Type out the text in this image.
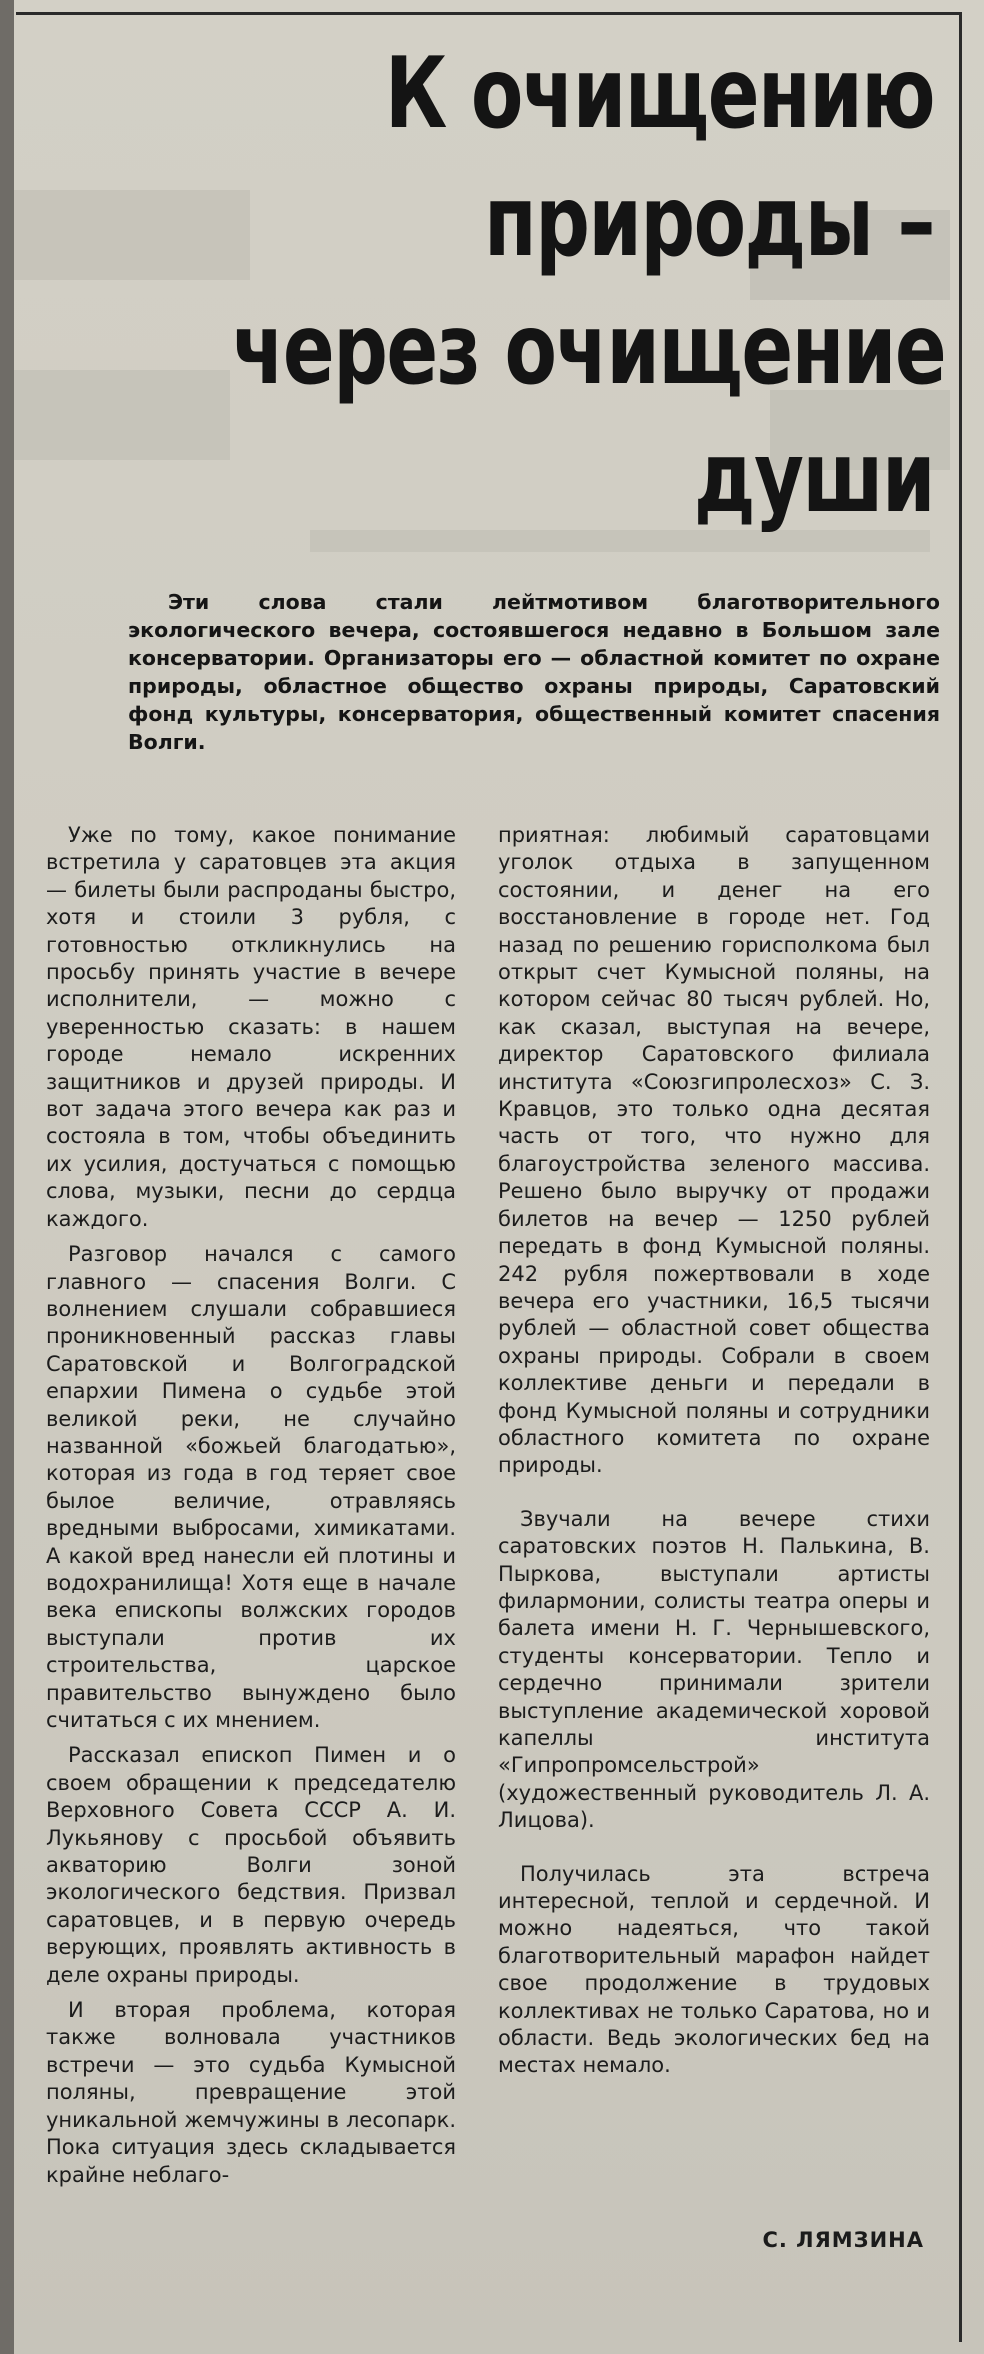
К очищению
природы –
через очищение
души
Эти слова стали лейтмотивом благотворительного экологического вечера, состоявшегося недавно в Большом зале консерватории. Организаторы его — областной комитет по охране природы, областное общество охраны природы, Саратовский фонд культуры, консерватория, общественный комитет спасения Волги.

Уже по тому, какое понимание встретила у саратовцев эта акция — билеты были распроданы быстро, хотя и стоили 3 рубля, с готовностью откликнулись на просьбу принять участие в вечере исполнители, — можно с уверенностью сказать: в нашем городе немало искренних защитников и друзей природы. И вот задача этого вечера как раз и состояла в том, чтобы объединить их усилия, достучаться с помощью слова, музыки, песни до сердца каждого.

Разговор начался с самого главного — спасения Волги. С волнением слушали собравшиеся проникновенный рассказ главы Саратовской и Волгоградской епархии Пимена о судьбе этой великой реки, не случайно названной «божьей благодатью», которая из года в год теряет свое былое величие, отравляясь вредными выбросами, химикатами. А какой вред нанесли ей плотины и водохранилища! Хотя еще в начале века епископы волжских городов выступали против их строительства, царское правительство вынуждено было считаться с их мнением.

Рассказал епископ Пимен и о своем обращении к председателю Верховного Совета СССР А. И. Лукьянову с просьбой объявить акваторию Волги зоной экологического бедствия. Призвал саратовцев, и в первую очередь верующих, проявлять активность в деле охраны природы.

И вторая проблема, которая также волновала участников встречи — это судьба Кумысной поляны, превращение этой уникальной жемчужины в лесопарк. Пока ситуация здесь складывается крайне неблаго-

приятная: любимый саратовцами уголок отдыха в запущенном состоянии, и денег на его восстановление в городе нет. Год назад по решению горисполкома был открыт счет Кумысной поляны, на котором сейчас 80 тысяч рублей. Но, как сказал, выступая на вечере, директор Саратовского филиала института «Союзгипролесхоз» С. З. Кравцов, это только одна десятая часть от того, что нужно для благоустройства зеленого массива. Решено было выручку от продажи билетов на вечер — 1250 рублей передать в фонд Кумысной поляны. 242 рубля пожертвовали в ходе вечера его участники, 16,5 тысячи рублей — областной совет общества охраны природы. Собрали в своем коллективе деньги и передали в фонд Кумысной поляны и сотрудники областного комитета по охране природы.

Звучали на вечере стихи саратовских поэтов Н. Палькина, В. Пыркова, выступали артисты филармонии, солисты театра оперы и балета имени Н. Г. Чернышевского, студенты консерватории. Тепло и сердечно принимали зрители выступление академической хоровой капеллы института «Гипропромсельстрой» (художественный руководитель Л. А. Лицова).

Получилась эта встреча интересной, теплой и сердечной. И можно надеяться, что такой благотворительный марафон найдет свое продолжение в трудовых коллективах не только Саратова, но и области. Ведь экологических бед на местах немало.

С. ЛЯМЗИНА
